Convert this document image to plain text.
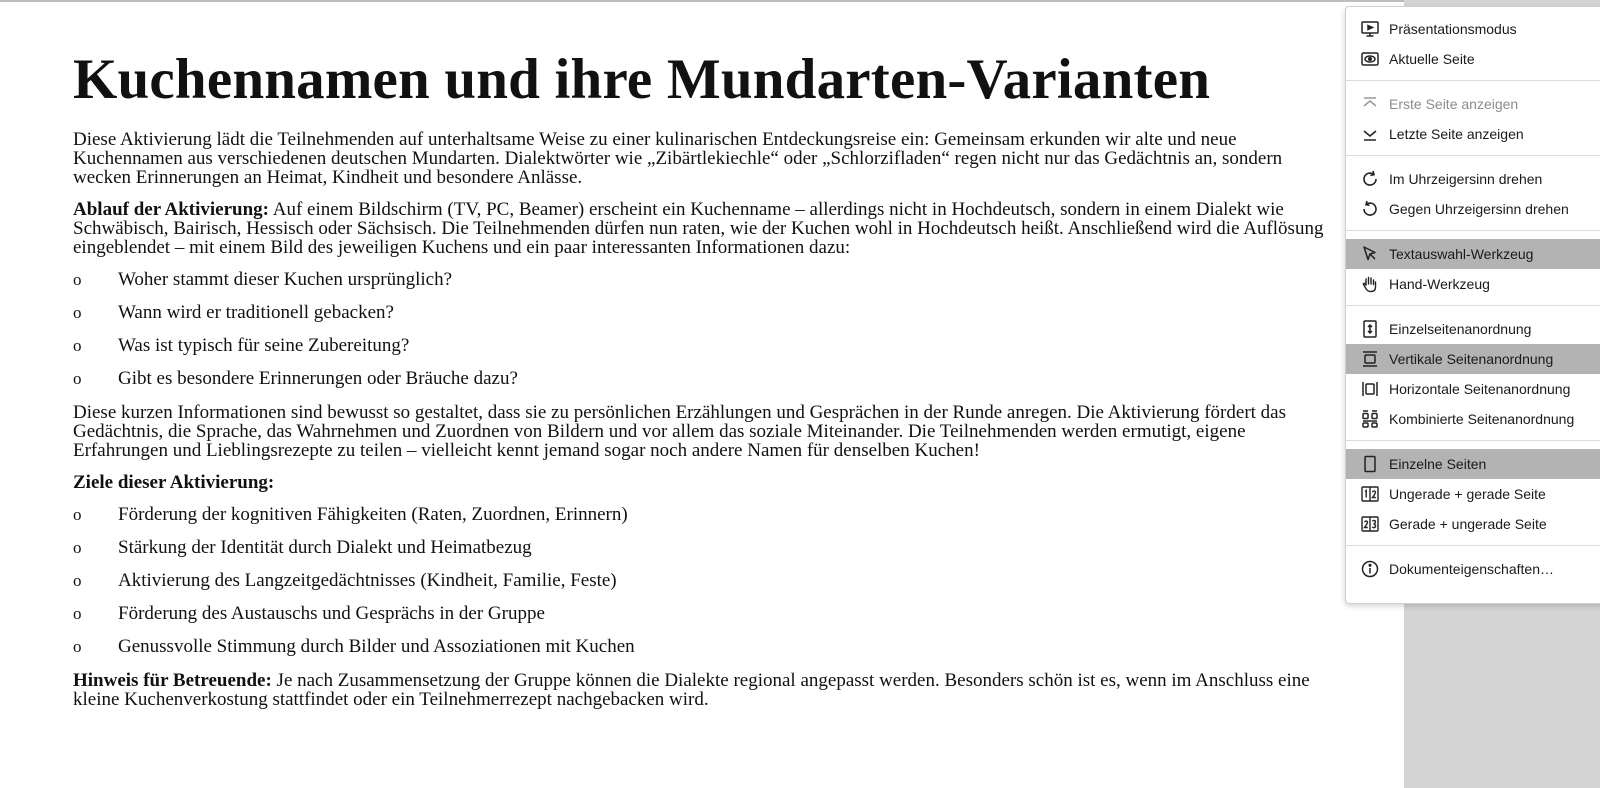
Kuchennamen und ihre Mundarten-Varianten

Diese Aktivierung lädt die Teilnehmenden auf unterhaltsame Weise zu einer kulinarischen Entdeckungsreise ein: Gemeinsam erkunden wir alte und neue Kuchennamen aus verschiedenen deutschen Mundarten. Dialektwörter wie „Zibärtlekiechle“ oder „Schlorzifladen“ regen nicht nur das Gedächtnis an, sondern wecken Erinnerungen an Heimat, Kindheit und besondere Anlässe.

Ablauf der Aktivierung: Auf einem Bildschirm (TV, PC, Beamer) erscheint ein Kuchenname – allerdings nicht in Hochdeutsch, sondern in einem Dialekt wie Schwäbisch, Bairisch, Hessisch oder Sächsisch. Die Teilnehmenden dürfen nun raten, wie der Kuchen wohl in Hochdeutsch heißt. Anschließend wird die Auflösung eingeblendet – mit einem Bild des jeweiligen Kuchens und ein paar interessanten Informationen dazu:

o Woher stammt dieser Kuchen ursprünglich?
o Wann wird er traditionell gebacken?
o Was ist typisch für seine Zubereitung?
o Gibt es besondere Erinnerungen oder Bräuche dazu?

Diese kurzen Informationen sind bewusst so gestaltet, dass sie zu persönlichen Erzählungen und Gesprächen in der Runde anregen. Die Aktivierung fördert das Gedächtnis, die Sprache, das Wahrnehmen und Zuordnen von Bildern und vor allem das soziale Miteinander. Die Teilnehmenden werden ermutigt, eigene Erfahrungen und Lieblingsrezepte zu teilen – vielleicht kennt jemand sogar noch andere Namen für denselben Kuchen!

Ziele dieser Aktivierung:

o Förderung der kognitiven Fähigkeiten (Raten, Zuordnen, Erinnern)
o Stärkung der Identität durch Dialekt und Heimatbezug
o Aktivierung des Langzeitgedächtnisses (Kindheit, Familie, Feste)
o Förderung des Austauschs und Gesprächs in der Gruppe
o Genussvolle Stimmung durch Bilder und Assoziationen mit Kuchen

Hinweis für Betreuende: Je nach Zusammensetzung der Gruppe können die Dialekte regional angepasst werden. Besonders schön ist es, wenn im Anschluss eine kleine Kuchenverkostung stattfindet oder ein Teilnehmerrezept nachgebacken wird.

Präsentationsmodus
Aktuelle Seite
Erste Seite anzeigen
Letzte Seite anzeigen
Im Uhrzeigersinn drehen
Gegen Uhrzeigersinn drehen
Textauswahl-Werkzeug
Hand-Werkzeug
Einzelseitenanordnung
Vertikale Seitenanordnung
Horizontale Seitenanordnung
Kombinierte Seitenanordnung
Einzelne Seiten
Ungerade + gerade Seite
Gerade + ungerade Seite
Dokumenteigenschaften…
